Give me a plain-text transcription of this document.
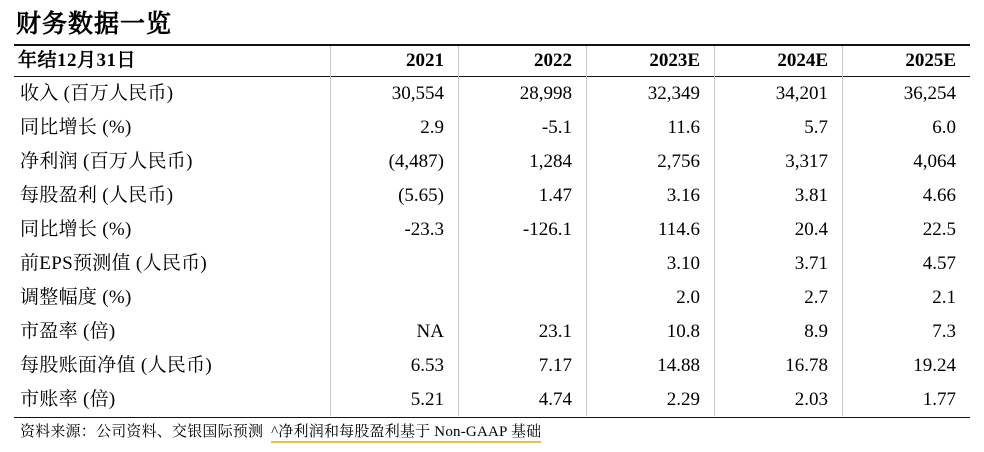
财务数据一览
年结12月31日	2021	2022	2023E	2024E	2025E
收入 (百万人民币)	30,554	28,998	32,349	34,201	36,254
同比增长 (%)	2.9	-5.1	11.6	5.7	6.0
净利润 (百万人民币)	(4,487)	1,284	2,756	3,317	4,064
每股盈利 (人民币)	(5.65)	1.47	3.16	3.81	4.66
同比增长 (%)	-23.3	-126.1	114.6	20.4	22.5
前EPS预测值 (人民币)			3.10	3.71	4.57
调整幅度 (%)			2.0	2.7	2.1
市盈率 (倍)	NA	23.1	10.8	8.9	7.3
每股账面净值 (人民币)	6.53	7.17	14.88	16.78	19.24
市账率 (倍)	5.21	4.74	2.29	2.03	1.77
资料来源：公司资料、交银国际预测 ^净利润和每股盈利基于 Non-GAAP 基础
